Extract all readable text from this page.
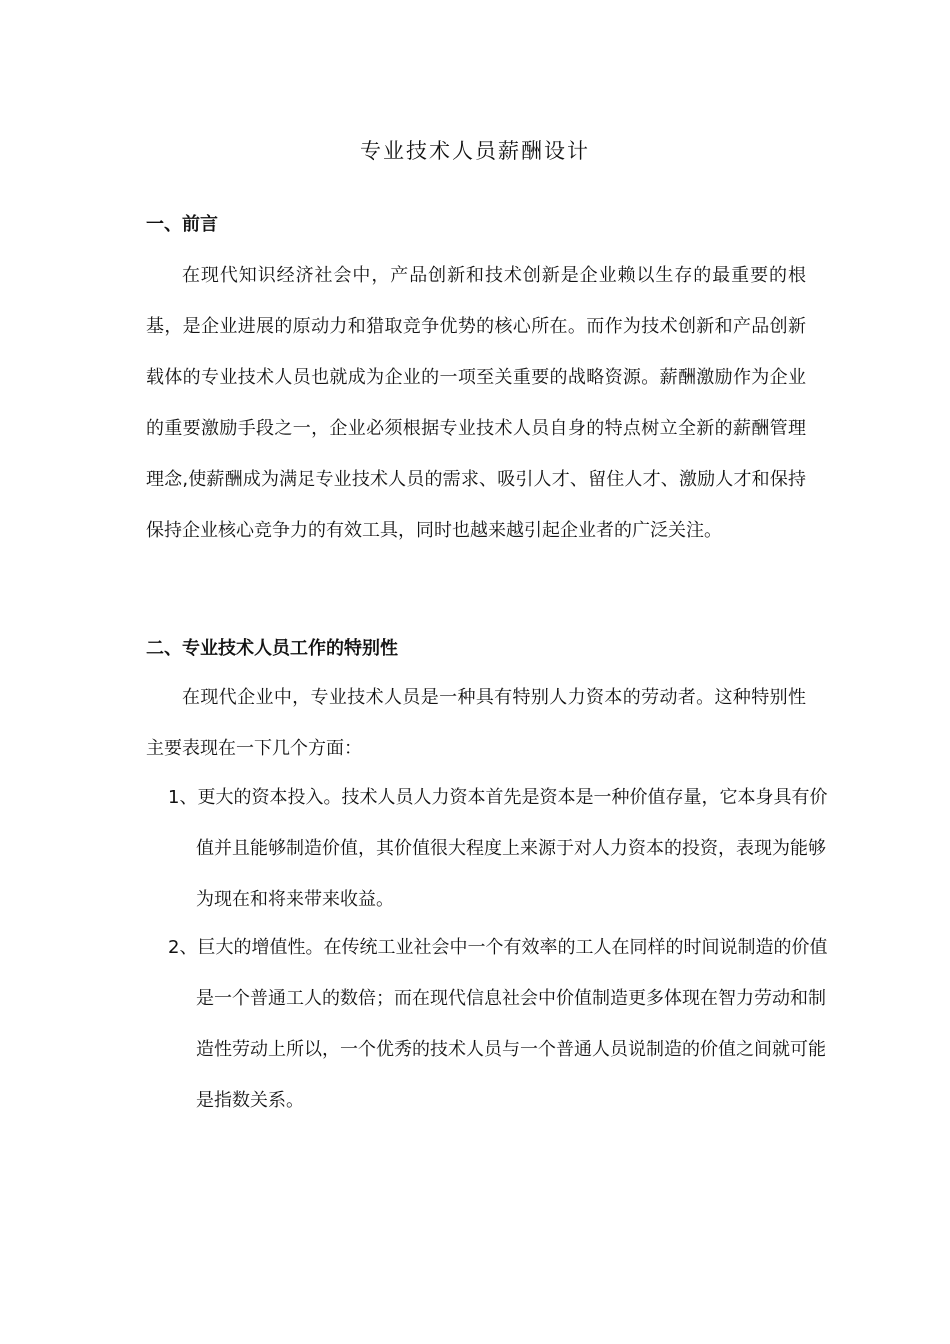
专业技术人员薪酬设计
一、前言

在现代知识经济社会中，产品创新和技术创新是企业赖以生存的最重要的根基，是企业进展的原动力和猎取竞争优势的核心所在。而作为技术创新和产品创新载体的专业技术人员也就成为企业的一项至关重要的战略资源。薪酬激励作为企业的重要激励手段之一，企业必须根据专业技术人员自身的特点树立全新的薪酬管理理念,使薪酬成为满足专业技术人员的需求、吸引人才、留住人才、激励人才和保持保持企业核心竞争力的有效工具，同时也越来越引起企业者的广泛关注。

二、专业技术人员工作的特别性

在现代企业中，专业技术人员是一种具有特别人力资本的劳动者。这种特别性主要表现在一下几个方面：

1、更大的资本投入。技术人员人力资本首先是资本是一种价值存量，它本身具有价值并且能够制造价值，其价值很大程度上来源于对人力资本的投资，表现为能够为现在和将来带来收益。

2、巨大的增值性。在传统工业社会中一个有效率的工人在同样的时间说制造的价值是一个普通工人的数倍；而在现代信息社会中价值制造更多体现在智力劳动和制造性劳动上所以，一个优秀的技术人员与一个普通人员说制造的价值之间就可能是指数关系。
